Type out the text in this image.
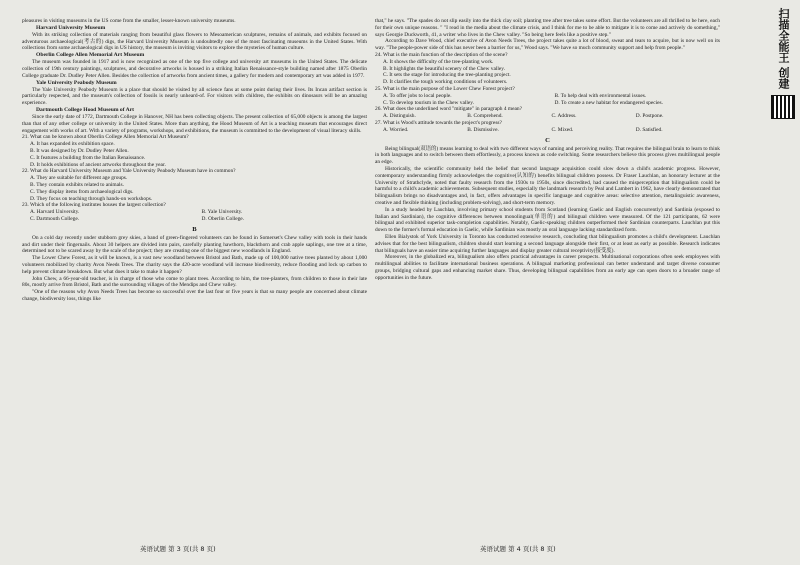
pleasures in visiting museums in the US come from the smaller, lesser-known university museums.

Harvard University Museum

With its striking collection of materials ranging from beautiful glass flowers to Mesoamerican sculptures, remains of animals, and exhibits focused on adventurous archaeological(考古的) digs, the Harvard University Museum is undoubtedly one of the most fascinating museums in the United States. With collections from some archaeological digs in US history, the museum is inviting visitors to explore the mysteries of human culture.

Oberlin College Allen Memorial Art Museum

The museum was founded in 1917 and is now recognized as one of the top five college and university art museums in the United States. The delicate collection of 19th century paintings, sculptures, and decorative artworks is housed in a striking Italian Renaissance-style building named after 1875 Oberlin College graduate Dr. Dudley Peter Allen. Besides the collection of artworks from ancient times, a gallery for modern and contemporary art was added in 1977.

Yale University Peabody Museum

The Yale University Peabody Museum is a place that should be visited by all science fans at some point during their lives. Its Incan artifact section is particularly respected, and the museum's collection of fossils is nearly unheard-of. For visitors with children, the exhibits on dinosaurs will be an amazing experience.

Dartmouth College Hood Museum of Art

Since the early date of 1772, Dartmouth College in Hanover, NH has been collecting objects. The present collection of 65,000 objects is among the largest than that of any other college or university in the United States. More than anything, the Hood Museum of Art is a teaching museum that encourages direct engagement with works of art. With a variety of programs, workshops, and exhibitions, the museum is committed to the development of visual literacy skills.

21. What can be known about Oberlin College Allen Memorial Art Museum?

A. It has expanded its exhibition space.

B. It was designed by Dr. Dudley Peter Allen.

C. It features a building from the Italian Renaissance.

D. It holds exhibitions of ancient artworks throughout the year.

22. What do Harvard University Museum and Yale University Peabody Museum have in common?

A. They are suitable for different age groups.

B. They contain exhibits related to animals.

C. They display items from archaeological digs.

D. They focus on teaching through hands-on workshops.

23. Which of the following institutes houses the largest collection?

A. Harvard University.	B. Yale University.
C. Dartmouth College.	D. Oberlin College.

B

On a cold day recently under stubborn grey skies, a band of green-fingered volunteers can be found in Somerset's Chew valley with tools in their hands and dirt under their fingernails. About 30 helpers are divided into pairs, carefully planting hawthorn, blackthorn and crab apple saplings, one tree at a time, determined not to be scared away by the scale of the project; they are creating one of the biggest new woodlands in England.

The Lower Chew Forest, as it will be known, is a vast new woodland between Bristol and Bath, made up of 100,000 native trees planted by about 1,000 volunteers mobilized by charity Avon Needs Trees. The charity says the 420-acre woodland will increase biodiversity, reduce flooding and lock up carbon to help prevent climate breakdown. But what does it take to make it happen?

John Chew, a 66-year-old teacher, is in charge of those who come to plant trees. According to him, the tree-planters, from children to those in their late 80s, mostly arrive from Bristol, Bath and the surrounding villages of the Mendips and Chew valley.

"One of the reasons why Avon Needs Trees has become so successful over the last four or five years is that so many people are concerned about climate change, biodiversity loss, things like

英语试题 第 3 页(共 8 页)

that," he says. "The spades do not slip easily into the thick clay soil; planting tree after tree takes some effort. But the volunteers are all thrilled to be here, each for their own unique reasons. " "I read in the media about the climate crisis, and I think for me to be able to mitigate it is to come and actively do something," says Georgie Duckworth, 41, a writer who lives in the Chew valley. "So being here feels like a positive step."

According to Dave Wood, chief executive of Avon Needs Trees, the project takes quite a lot of blood, sweat and tears to acquire, but is now well on its way. "The people-power side of this has never been a barrier for us," Wood says. "We have so much community support and help from people."

24. What is the main function of the description of the scene?

A. It shows the difficulty of the tree-planting work.

B. It highlights the beautiful scenery of the Chew valley.

C. It sets the stage for introducing the tree-planting project.

D. It clarifies the tough working conditions of volunteers.

25. What is the main purpose of the Lower Chew Forest project?

A. To offer jobs to local people.	B. To help deal with environmental issues.
C. To develop tourism in the Chew valley.	D. To create a new habitat for endangered species.

26. What does the underlined word "mitigate" in paragraph 4 mean?

A. Distinguish.	B. Comprehend.	C. Address.	D. Postpone.

27. What is Wood's attitude towards the project's progress?

A. Worried.	B. Dismissive.	C. Mixed.	D. Satisfied.

C

Being bilingual(双语的) means learning to deal with two different ways of naming and perceiving reality. That requires the bilingual brain to learn to think in both languages and to switch between them effortlessly, a process known as code switching. Some researchers believe this process gives multilingual people an edge.

Historically, the scientific community held the belief that second language acquisition could slow down a child's academic progress. However, contemporary understanding firmly acknowledges the cognitive(认知的) benefits bilingual children possess. Dr Fraser Lauchlan, an honorary lecturer at the University of Strathclyde, noted that faulty research from the 1930s to 1950s, since discredited, had caused the misperception that bilingualism could be harmful to a child's academic achievements. Subsequent studies, especially the landmark research by Peal and Lambert in 1962, have clearly demonstrated that bilingualism brings no disadvantages and, in fact, offers advantages in specific language and cognitive areas: selective attention, metalinguistic awareness, creative and flexible thinking (including problem-solving), and short-term memory.

In a study headed by Lauchlan, involving primary school students from Scotland (learning Gaelic and English concurrently) and Sardinia (exposed to Italian and Sardinian), the cognitive differences between monolingual(单语的) and bilingual children were measured. Of the 121 participants, 62 were bilingual and exhibited superior task-completion capabilities. Notably, Gaelic-speaking children outperformed their Sardinian counterparts. Lauchlan put this down to the former's formal education in Gaelic, while Sardinian was mostly an oral language lacking standardized form.

Ellen Bialystok of York University in Toronto has conducted extensive research, concluding that bilingualism promotes a child's development. Lauchlan advises that for the best bilingualism, children should start learning a second language alongside their first, or at least as early as possible. Research indicates that bilinguals have an easier time acquiring further languages and display greater cultural receptivity(接受度).

Moreover, in the globalized era, bilingualism also offers practical advantages in career prospects. Multinational corporations often seek employees with multilingual abilities to facilitate international business operations. A bilingual marketing professional can better understand and target diverse consumer groups, bridging cultural gaps and enhancing market share. Thus, developing bilingual capabilities from an early age can open doors to a broader range of opportunities in the future.

英语试题 第 4 页(共 8 页)
扫描全能王 创建
